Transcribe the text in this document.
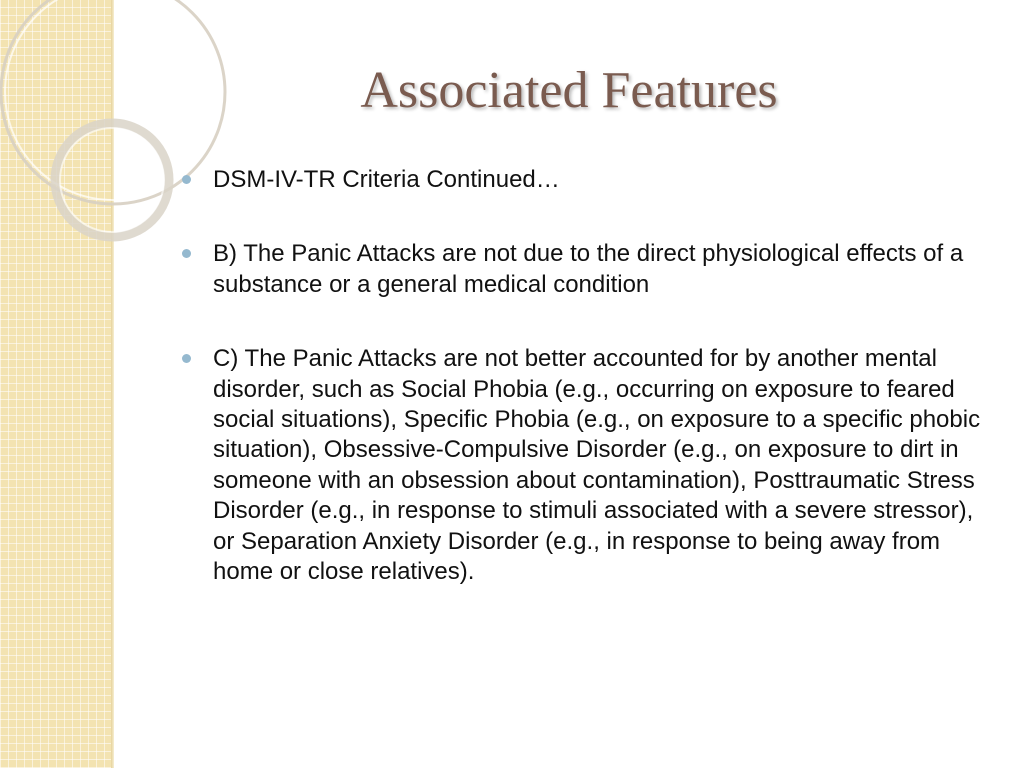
Associated Features
DSM-IV-TR Criteria Continued…
B) The Panic Attacks are not due to the direct physiological effects of a substance or a general medical condition
C) The Panic Attacks are not better accounted for by another mental disorder, such as Social Phobia (e.g., occurring on exposure to feared social situations), Specific Phobia (e.g., on exposure to a specific phobic situation), Obsessive-Compulsive Disorder (e.g., on exposure to dirt in someone with an obsession about contamination), Posttraumatic Stress Disorder (e.g., in response to stimuli associated with a severe stressor), or Separation Anxiety Disorder (e.g., in response to being away from home or close relatives).
